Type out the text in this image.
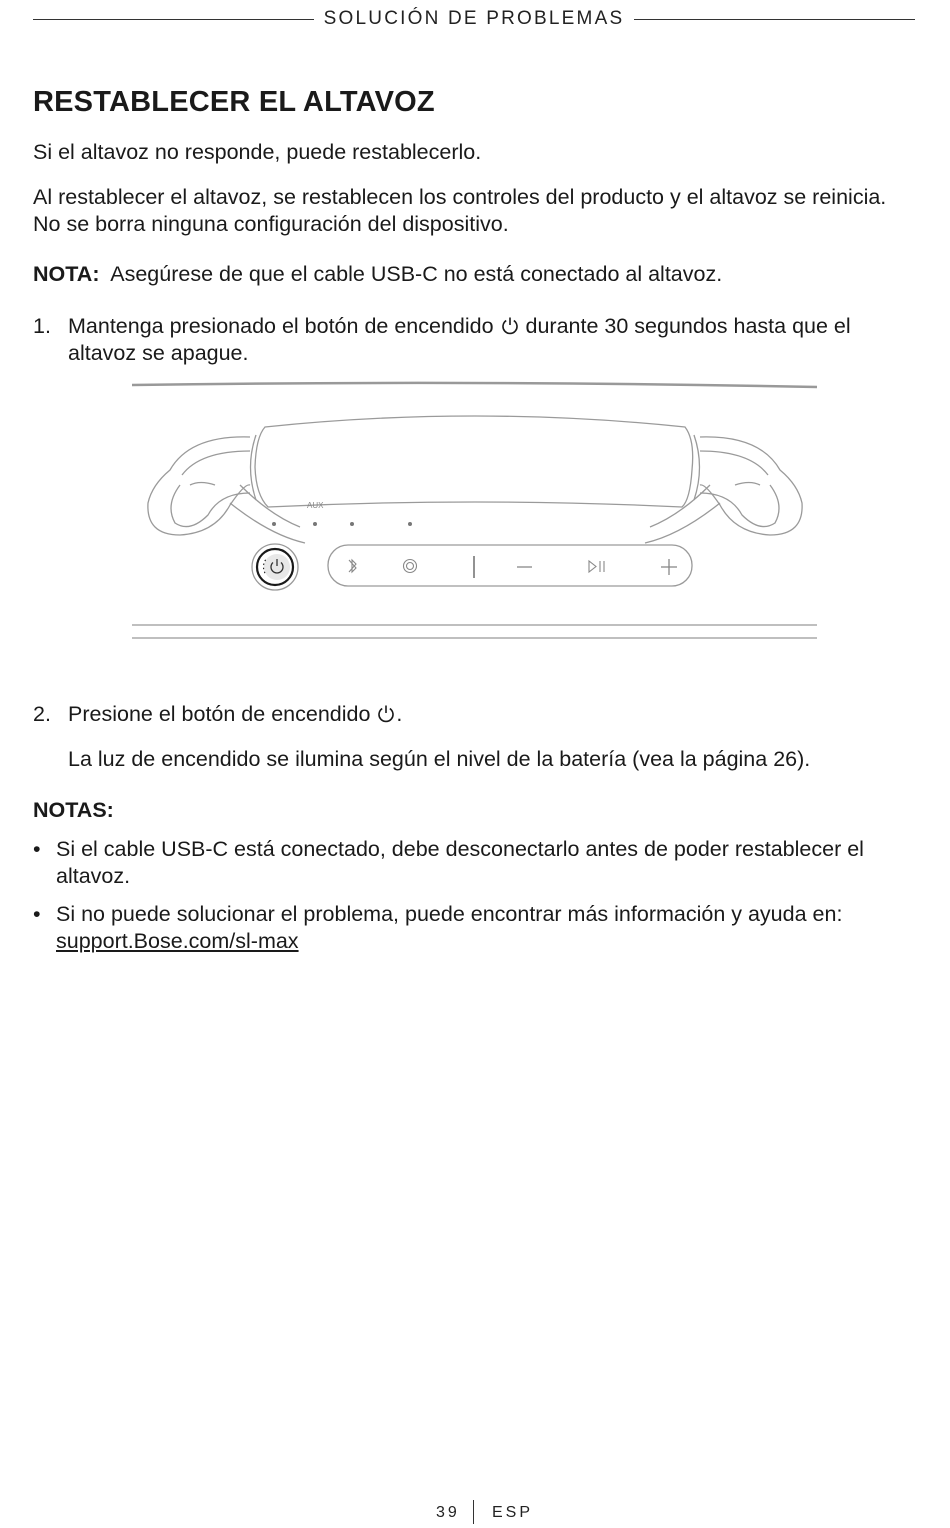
SOLUCIÓN DE PROBLEMAS
RESTABLECER EL ALTAVOZ

Si el altavoz no responde, puede restablecerlo.

Al restablecer el altavoz, se restablecen los controles del producto y el altavoz se reinicia. No se borra ninguna configuración del dispositivo.

NOTA: Asegúrese de que el cable USB-C no está conectado al altavoz.

1. Mantenga presionado el botón de encendido  durante 30 segundos hasta que el altavoz se apague.
AUX
2. Presione el botón de encendido .

La luz de encendido se ilumina según el nivel de la batería (vea la página 26).

NOTAS:

• Si el cable USB-C está conectado, debe desconectarlo antes de poder restablecer el altavoz.
• Si no puede solucionar el problema, puede encontrar más información y ayuda en:
support.Bose.com/sl-max
39 ESP
